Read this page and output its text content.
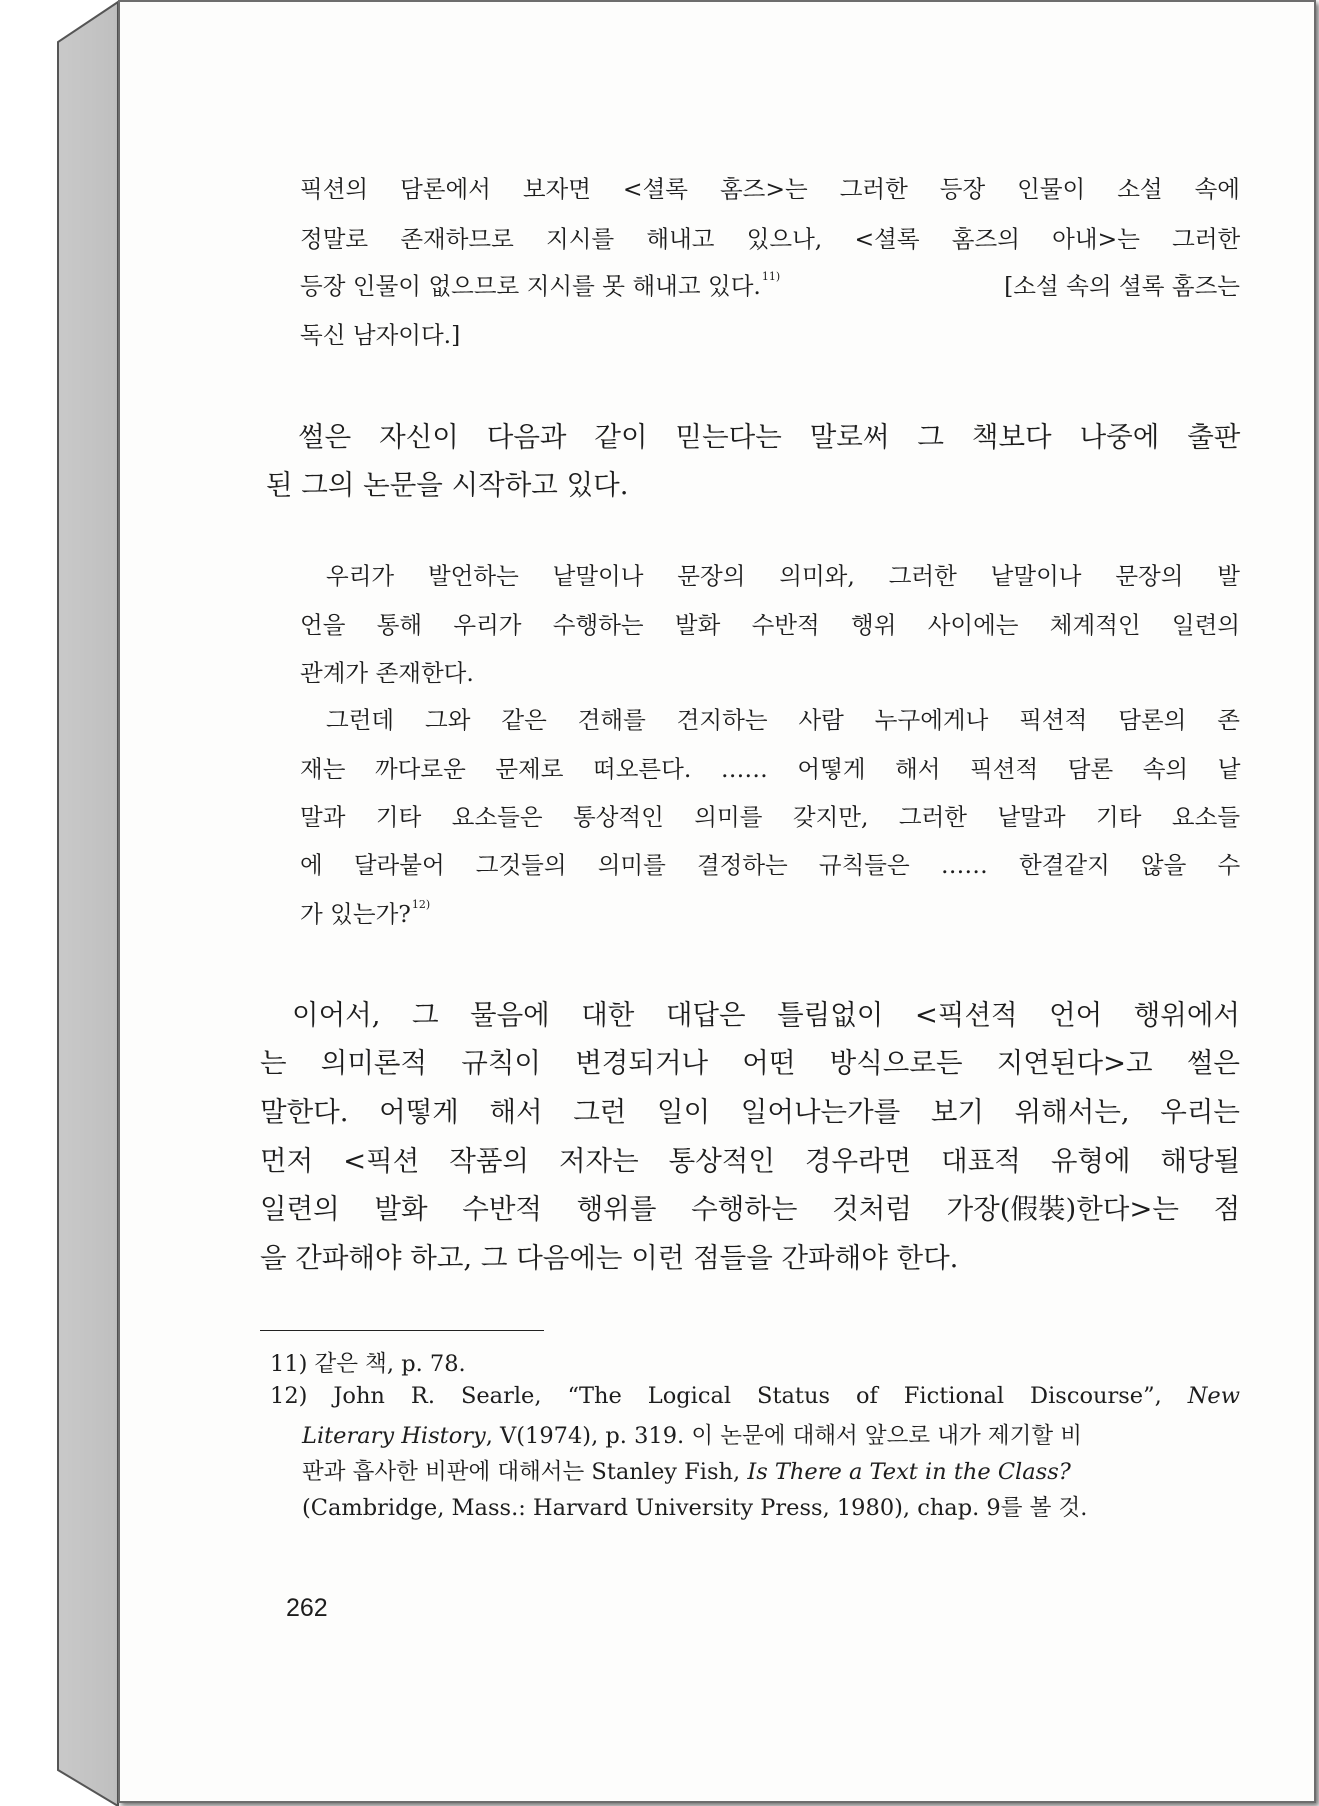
픽션의 담론에서 보자면 <셜록 홈즈>는 그러한 등장 인물이 소설 속에
정말로 존재하므로 지시를 해내고 있으나, <셜록 홈즈의 아내>는 그러한
등장 인물이 없으므로 지시를 못 해내고 있다.$^{11)}$	[소설 속의 셜록 홈즈는
독신 남자이다.]
썰은 자신이 다음과 같이 믿는다는 말로써 그 책보다 나중에 출판
된 그의 논문을 시작하고 있다.
우리가 발언하는 낱말이나 문장의 의미와, 그러한 낱말이나 문장의 발
언을 통해 우리가 수행하는 발화 수반적 행위 사이에는 체계적인 일련의
관계가 존재한다.
그런데 그와 같은 견해를 견지하는 사람 누구에게나 픽션적 담론의 존
재는 까다로운 문제로 떠오른다. …… 어떻게 해서 픽션적 담론 속의 낱
말과 기타 요소들은 통상적인 의미를 갖지만, 그러한 낱말과 기타 요소들
에 달라붙어 그것들의 의미를 결정하는 규칙들은 …… 한결같지 않을 수
가 있는가?$^{12)}$
이어서, 그 물음에 대한 대답은 틀림없이 <픽션적 언어 행위에서
는 의미론적 규칙이 변경되거나 어떤 방식으로든 지연된다>고 썰은
말한다. 어떻게 해서 그런 일이 일어나는가를 보기 위해서는, 우리는
먼저 <픽션 작품의 저자는 통상적인 경우라면 대표적 유형에 해당될
일련의 발화 수반적 행위를 수행하는 것처럼 가장(假裝)한다>는 점
을 간파해야 하고, 그 다음에는 이런 점들을 간파해야 한다.
11) 같은 책, p. 78.
12) John R. Searle, “The Logical Status of Fictional Discourse”, New
Literary History, V(1974), p. 319. 이 논문에 대해서 앞으로 내가 제기할 비
판과 흡사한 비판에 대해서는 Stanley Fish, Is There a Text in the Class?
(Cambridge, Mass.: Harvard University Press, 1980), chap. 9를 볼 것.
262
